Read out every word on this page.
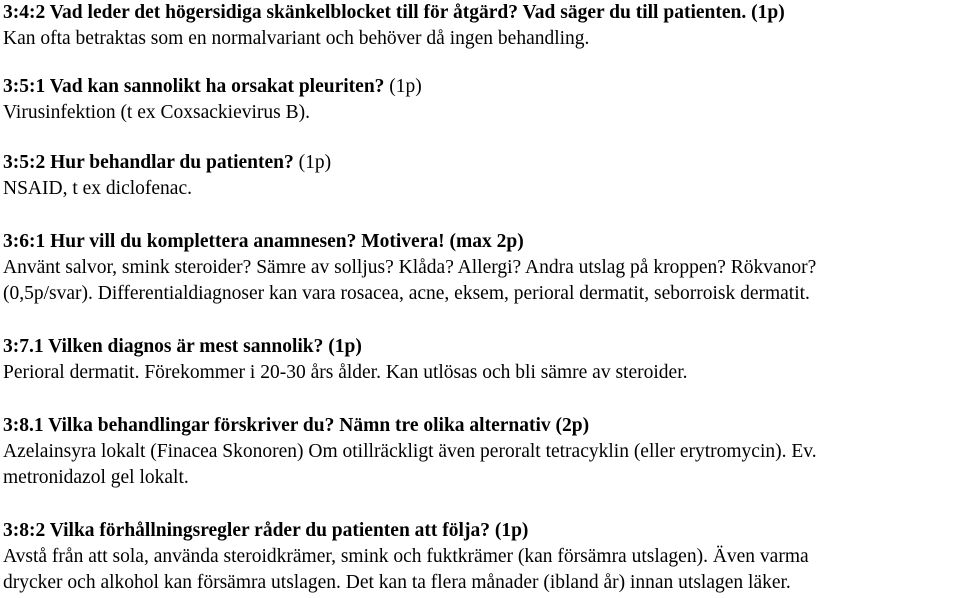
3:4:2 Vad leder det högersidiga skänkelblocket till för åtgärd? Vad säger du till patienten. (1p)
Kan ofta betraktas som en normalvariant och behöver då ingen behandling.
3:5:1 Vad kan sannolikt ha orsakat pleuriten? (1p)
Virusinfektion (t ex Coxsackievirus B).
3:5:2 Hur behandlar du patienten? (1p)
NSAID, t ex diclofenac.
3:6:1 Hur vill du komplettera anamnesen? Motivera! (max 2p)
Använt salvor, smink steroider? Sämre av solljus? Klåda? Allergi? Andra utslag på kroppen? Rökvanor?
(0,5p/svar). Differentialdiagnoser kan vara rosacea, acne, eksem, perioral dermatit, seborroisk dermatit.
3:7.1 Vilken diagnos är mest sannolik? (1p)
Perioral dermatit. Förekommer i 20-30 års ålder. Kan utlösas och bli sämre av steroider.
3:8.1 Vilka behandlingar förskriver du? Nämn tre olika alternativ (2p)
Azelainsyra lokalt (Finacea Skonoren) Om otillräckligt även peroralt tetracyklin (eller erytromycin). Ev.
metronidazol gel lokalt.
3:8:2 Vilka förhållningsregler råder du patienten att följa? (1p)
Avstå från att sola, använda steroidkrämer, smink och fuktkrämer (kan försämra utslagen). Även varma
drycker och alkohol kan försämra utslagen. Det kan ta flera månader (ibland år) innan utslagen läker.
